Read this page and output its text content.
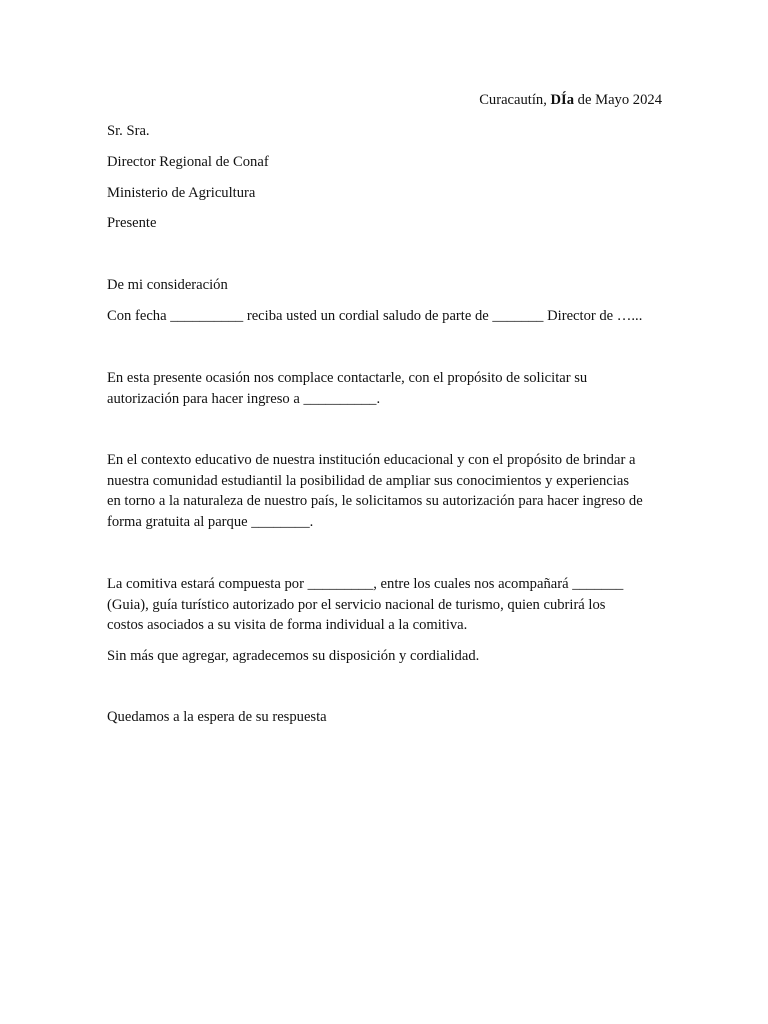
Curacautín, DÍa de Mayo 2024

Sr. Sra.

Director Regional de Conaf

Ministerio de Agricultura

Presente

De mi consideración

Con fecha __________ reciba usted un cordial saludo de parte de _______ Director de …...

En esta presente ocasión nos complace contactarle, con el propósito de solicitar su
autorización para hacer ingreso a __________.
En el contexto educativo de nuestra institución educacional y con el propósito de brindar a
nuestra comunidad estudiantil la posibilidad de ampliar sus conocimientos y experiencias
en torno a la naturaleza de nuestro país, le solicitamos su autorización para hacer ingreso de
forma gratuita al parque ________.
La comitiva estará compuesta por _________, entre los cuales nos acompañará _______
(Guia), guía turístico autorizado por el servicio nacional de turismo, quien cubrirá los
costos asociados a su visita de forma individual a la comitiva.

Sin más que agregar, agradecemos su disposición y cordialidad.

Quedamos a la espera de su respuesta
